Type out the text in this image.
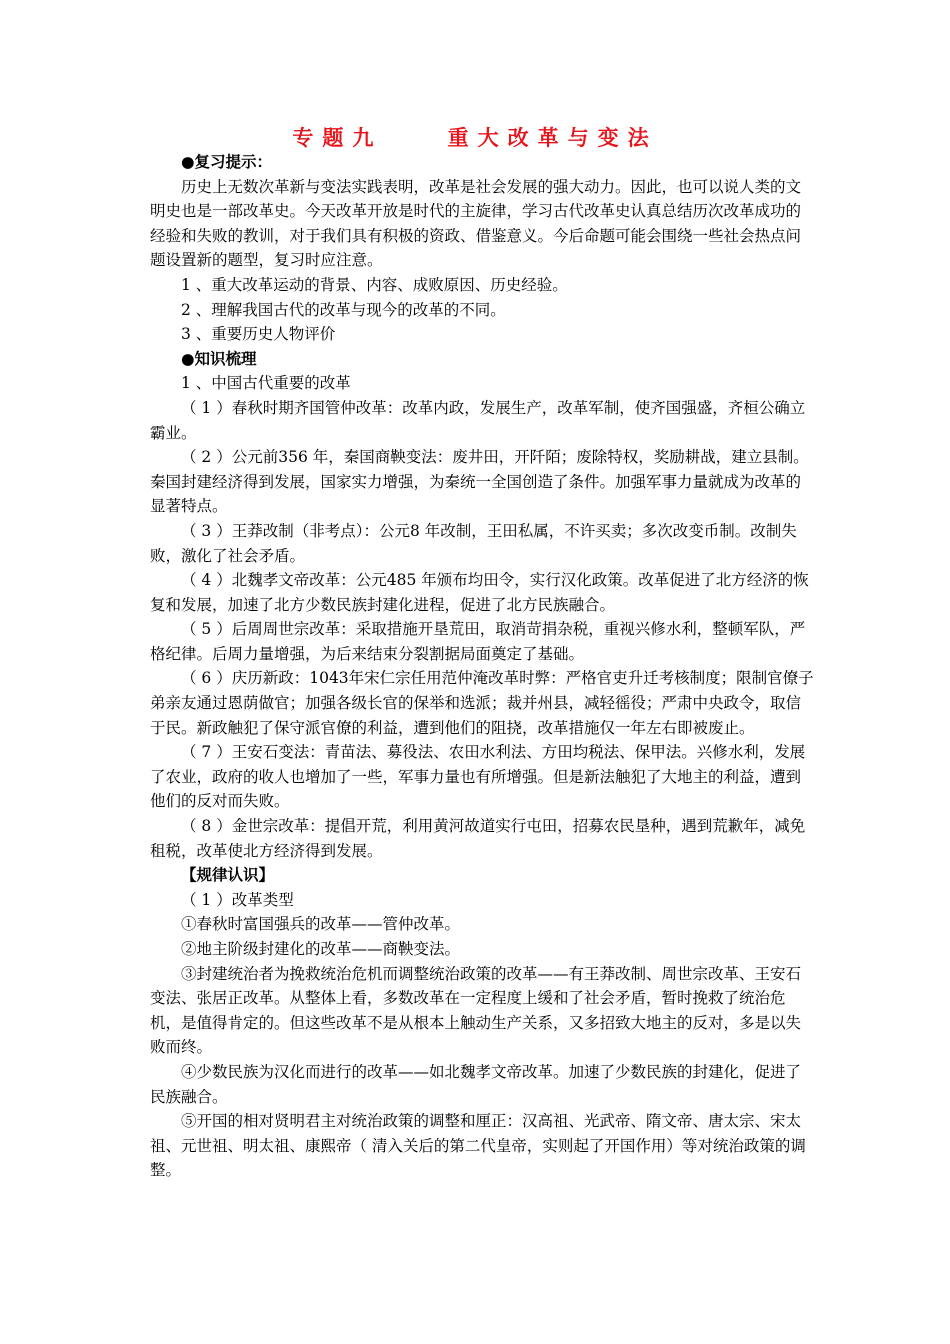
专题九    重大改革与变法

●复习提示：

历史上无数次革新与变法实践表明，改革是社会发展的强大动力。因此，也可以说人类的文明史也是一部改革史。今天改革开放是时代的主旋律，学习古代改革史认真总结历次改革成功的经验和失败的教训，对于我们具有积极的资政、借鉴意义。今后命题可能会围绕一些社会热点问题设置新的题型，复习时应注意。

1 、重大改革运动的背景、内容、成败原因、历史经验。

2 、理解我国古代的改革与现今的改革的不同。

3 、重要历史人物评价

●知识梳理

1 、中国古代重要的改革

（ 1 ）春秋时期齐国管仲改革：改革内政，发展生产，改革军制，使齐国强盛，齐桓公确立霸业。

（ 2 ）公元前356 年，秦国商鞅变法：废井田，开阡陌；废除特权，奖励耕战，建立县制。秦国封建经济得到发展，国家实力增强，为秦统一全国创造了条件。加强军事力量就成为改革的显著特点。

（ 3 ）王莽改制（非考点）：公元8 年改制，王田私属，不许买卖；多次改变币制。改制失败，激化了社会矛盾。

（ 4 ）北魏孝文帝改革：公元485 年颁布均田令，实行汉化政策。改革促进了北方经济的恢复和发展，加速了北方少数民族封建化进程，促进了北方民族融合。

（ 5 ）后周周世宗改革：采取措施开垦荒田，取消苛捐杂税，重视兴修水利，整顿军队，严格纪律。后周力量增强，为后来结束分裂割据局面奠定了基础。

（ 6 ）庆历新政：1043年宋仁宗任用范仲淹改革时弊：严格官吏升迁考核制度；限制官僚子弟亲友通过恩荫做官；加强各级长官的保举和选派；裁并州县，减轻徭役；严肃中央政令，取信于民。新政触犯了保守派官僚的利益，遭到他们的阻挠，改革措施仅一年左右即被废止。

（ 7 ）王安石变法：青苗法、募役法、农田水利法、方田均税法、保甲法。兴修水利，发展了农业，政府的收人也增加了一些，军事力量也有所增强。但是新法触犯了大地主的利益，遭到他们的反对而失败。

（ 8 ）金世宗改革：提倡开荒，利用黄河故道实行屯田，招募农民垦种，遇到荒歉年，减免租税，改革使北方经济得到发展。

【规律认识】

（ 1 ）改革类型

①春秋时富国强兵的改革——管仲改革。

②地主阶级封建化的改革——商鞅变法。

③封建统治者为挽救统治危机而调整统治政策的改革——有王莽改制、周世宗改革、王安石变法、张居正改革。从整体上看，多数改革在一定程度上缓和了社会矛盾，暂时挽救了统治危机，是值得肯定的。但这些改革不是从根本上触动生产关系，又多招致大地主的反对，多是以失败而终。

④少数民族为汉化而进行的改革——如北魏孝文帝改革。加速了少数民族的封建化，促进了民族融合。

⑤开国的相对贤明君主对统治政策的调整和厘正：汉高祖、光武帝、隋文帝、唐太宗、宋太祖、元世祖、明太祖、康熙帝（ 清入关后的第二代皇帝，实则起了开国作用）等对统治政策的调整。
